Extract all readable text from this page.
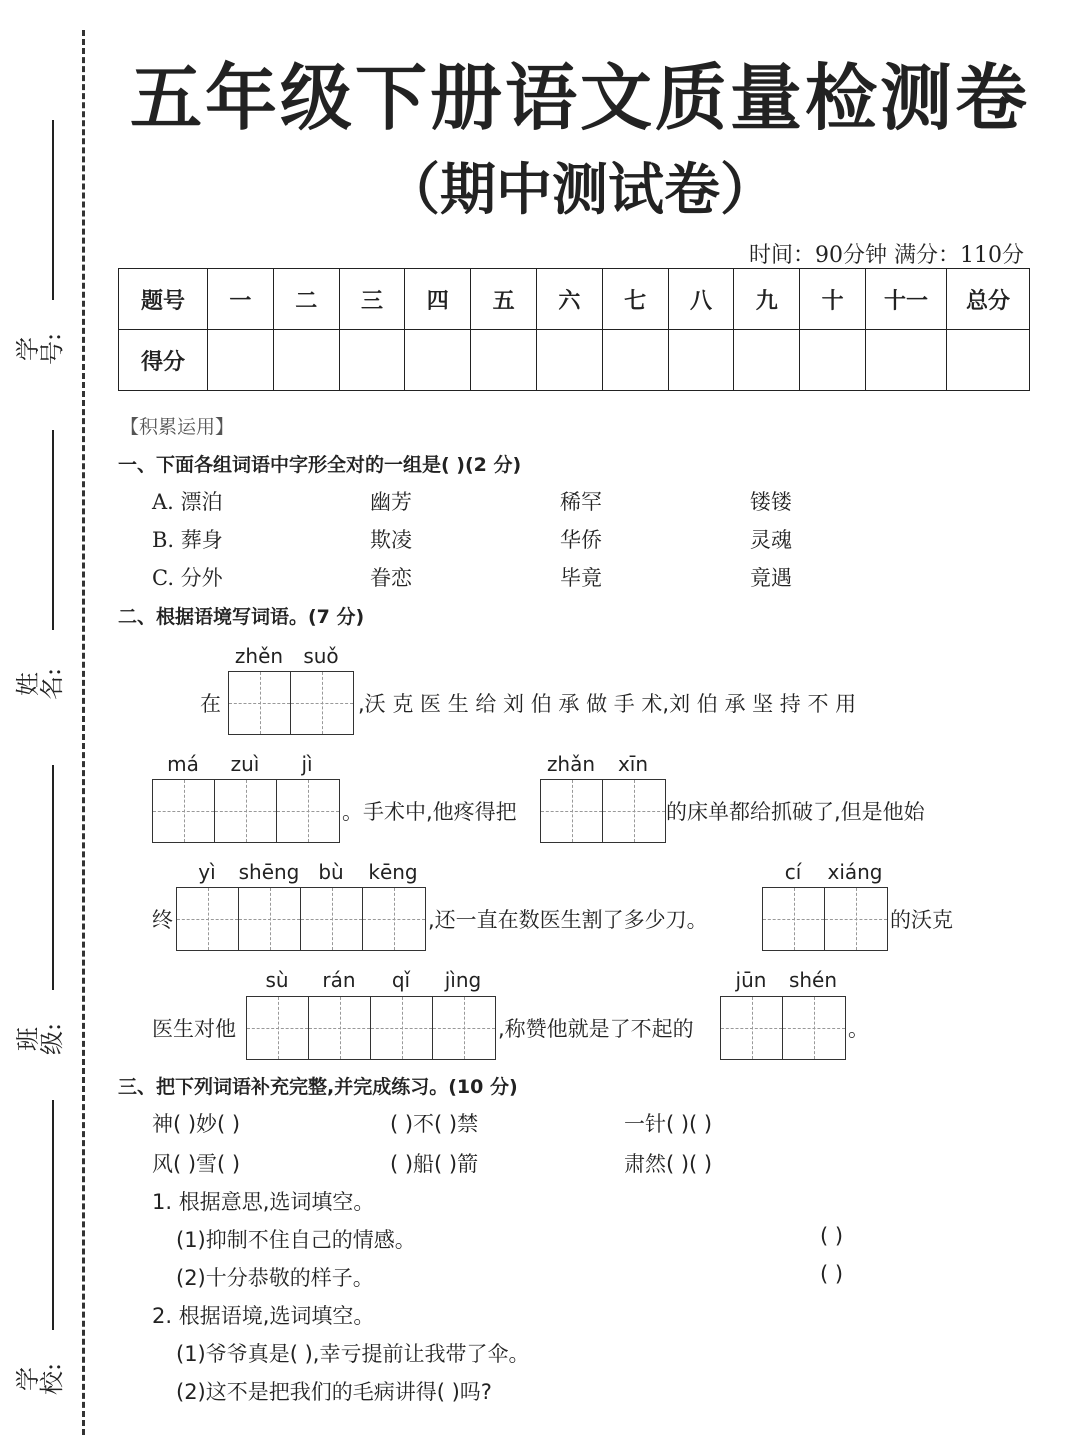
学号:
姓名:
班级:
学校:
五年级下册语文质量检测卷
（期中测试卷）
时间：90分钟 满分：110分
题号	一	二	三	四	五	六	七	八	九	十	十一	总分
得分												
【积累运用】
一、下面各组词语中字形全对的一组是( )(2 分)
A. 漂泊	幽芳	稀罕	镂镂
B. 葬身	欺凌	华侨	灵魂
C. 分外	眷恋	毕竟	竟遇
二、根据语境写词语。(7 分)
zhěn	suǒ
在	,沃 克 医 生 给 刘 伯 承 做 手 术,刘 伯 承 坚 持 不 用
má	zuì	jì
。手术中,他疼得把
zhǎn	xīn
的床单都给抓破了,但是他始
终
yì	shēng bù	kēng
,还一直在数医生割了多少刀。
cí	xiáng
的沃克
医生对他
sù	rán	qǐ	jìng
,称赞他就是了不起的
jūn	shén
。
三、把下列词语补充完整,并完成练习。(10 分)
神( )妙( )	( )不( )禁	一针( )( )
风( )雪( )	( )船( )箭	肃然( )( )
1. 根据意思,选词填空。
(1)抑制不住自己的情感。	( )
(2)十分恭敬的样子。	( )
2. 根据语境,选词填空。
(1)爷爷真是( ),幸亏提前让我带了伞。
(2)这不是把我们的毛病讲得( )吗?
